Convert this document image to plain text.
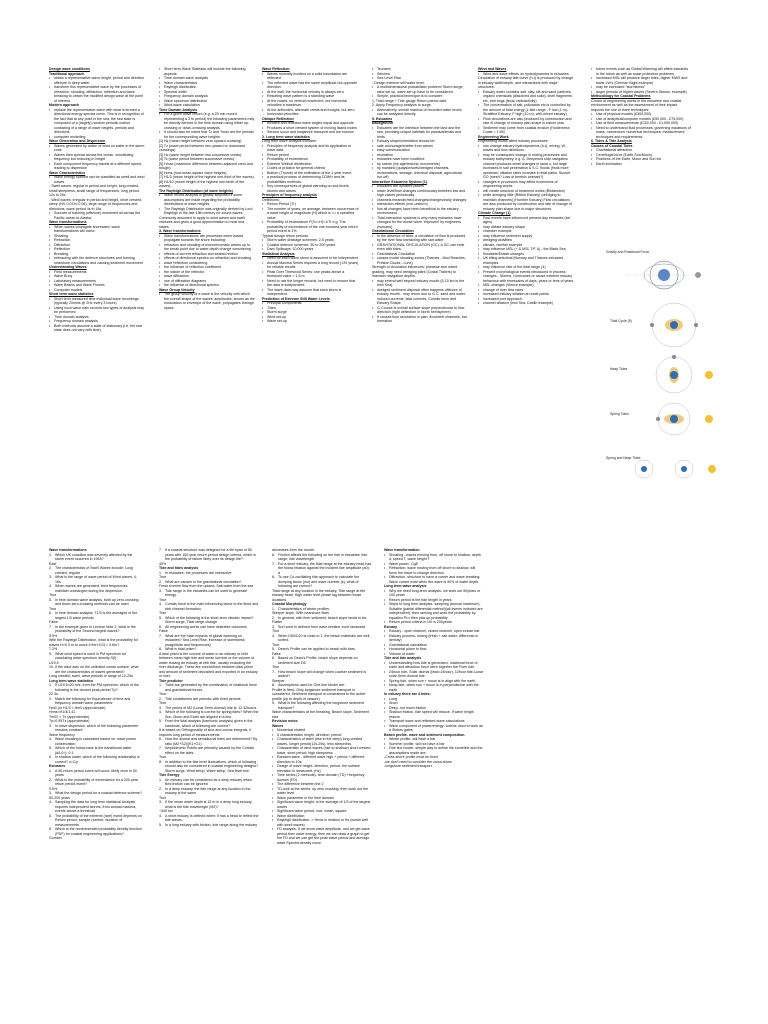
Design wave conditions
Traditional approach
• obtain a representative wave height, period and direction offshore in deep water.
• transform this representative wave by the processes of refraction, shoaling, diffraction, reflection and wave breaking to obtain the modified design wave at the point of interest.
Modern approach
• replace the representative wave with what is termed a directional energy spectra curve. This is in recognition of the fact that at any point in the sea, the sea state is composed of a (largely) random periodic motion consisting of a range of wave heights, periods and directions.
• computer modelling
Wave Generation and Dispersion
• Waves generated by action of wind on water in the storm zone
• Waves then spread across the ocean, constituting frequency but reducing in height
• Each component frequency travels at a different speed, leading to dispersion
Wave Characteristics
• Wave energy spectra can be classified as swell and wind waves.
- Swell waves: regular in period and height, long crested, small steepness, small range of frequencies, long period 12s to 25s
- Wind waves: irregular in period and height, short crested, steep (H/L 0.03 to 0.06), large range of frequencies and directions, wave period 4s to 16s
• Sources of tracking (offshore) monitored all across the Pacific ocean to Alaska.
Wave transformations
• When waves propagate shoreward, wave transformations will occur:
• Shoaling
• Refraction
• Diffraction
• Reflection
• Breaking
• Interacting with the defence structures and forming nearshore circulations and causing sediment movement
Understanding Waves
• Field measurements
• Wave Buoy
• Laboratory measurements
• Wave Basins and Wave Flumes
• Computer models
Short term wave statistics
• Short term measured time individual wave recordings (typically 20mins @ 2Hz every 3 hours)
• Using such wave train records two types of analysis may be performed:
• Time domain analysis
• Frequency domain analysis
• Both methods assume a state of stationary (i.e. the sea state does not vary with time).
• Short term Wave Statistics will include the following aspects:
• Time domain wave analysis
• Wave characteristics
• Rayleigh distribution
• Spectral width
• Frequency domain analysis
• Wave spectrum distribution
• Wind-wave calculation
Time Domain Analysis
• For a given wave record (e.g. a 20 min record representing a 3 hr period) the following parameters may be directly derived in the time domain using either up-crossing or down-crossing analysis.
• It should also be noted that Tz and Tmax are the periods for the corresponding wave heights
[1] Hz (mean height between zero upward crossing).
[2] Tz (wave period between two upward or downward crossings).
[3] Hc (wave height between two successive crests).
[4] Tc (wave period between successive crests).
[5] Hmax (maximum difference between adjacent crest and trough).
[6] Hrms (root-mean-square wave heights).
[7] H1/3 (mean height of the highest one-third of the waves).
[8] H1/10 (mean height of the highest one-tenth of the waves).
The Rayleigh Distribution (of wave heights)
• Wave record analysis is greatly simplified if some assumptions are made regarding the probability distributions of wave heights.
• The Rayleigh Distribution was originally derived by Lord Rayleigh in the late 19th century for sound waves.
Commonly assumed to apply to wind waves and swell mixtures and gives a good approximation to most sea states.
3. Wave transformations
• Wave transformations are processes when waves propagate towards the shore including:
• refraction and shoaling of monochromatic waves up to the break point due to water depth change considering
• effects of current refraction and seabed friction
• effects of directional spectra on refraction and shoaling
• wave reflection considering
• the influence of reflection coefficient
• the nature of the reflector
• wave diffraction
• use of diffraction diagrams
• the influence of directional spectra.
Wave Group Velocity
• The group velocity of a wave is the velocity with which the overall shape of the waves' amplitudes, known as the modulation or envelope of the wave, propagates through space.
Wave Reflection
• Waves normally incident on a solid boundaries are reflected
• The reflected wave has the same amplitude but opposite direction
• At the wall, the horizontal velocity is always zero
• Resulting wave pattern is a standing wave
• At the nodes, no vertical movement, but horizontal velocities a maximum
• At the antinodes, alternate crests and troughs, but zero horizontal velocities
Oblique Reflection
• Incident and reflected wave angles equal and opposite
• Produces a short crested system of moving island nodes
• Serious scour and longshore transport and toe erosion
2. Long term wave statistics
Long term wave analysis includes:
• Principles of frequency analysis and its application to wave data
• Return period
• Probability of exceedence
• Extreme Weibull distribution
• Codes of practice for general criteria
• Bottom (Thumb) of the estimation of the 1-year event.
• a practical process of determining CDWH and its probabilities methods.
• Key consequences of global warming on sea levels, storms and waves
Principles of frequency analysis
Definitions:
• Return Period (Tr)
• The number of years, on average, between occurrence of a wave height of magnitude (H) which is >= a specified value
• Probability of exceedance P(X>=H)=1/Tr e.g. The probability of exceedance of the one-hundred-year return period event is 1%
Typical design return periods:
• Storm water drainage schemes: 2-5 years
• Coastal defence schemes: 50 to 200 years
• Dam Spillways: 10,000 years
Statistical Analysis
• Need for each wave storm is assumed to be independent
• Annual Maxima Series requires a long record (>20 years) for reliable results
• Peak Over Threshold Series: use peaks above a threshold value > 1.5 m
• Need to use the longer records, but need to ensure that the data is independent.
• The wave data may assume that each storm is independent.
Prediction of Extreme Still Water Levels
• Principal components:
• Tides
• Storm surge
• Wind set-up
• Wave set-up
• Tsunami
• Seiches
• Sea Level Rise
- Design extreme still water level.
• A multidimensional probabilistic problem! Storm surge, wind set up, wave set up have to be considered.
• Simple, practical technique is to consider:
1. Tidal range + Tide gauge Return period data
2. Apply Frequency analysis to surge.
• Alternatively, overall maxima of recorded water levels can be analysed directly.
5. Estuaries
Background
• Estuaries are the interface between the land and the sea, providing unique habitats for plants/animals and birds.
• Estuary shape/orientation should be:
• safe anchorage/shelter from waves
• easy communication
• recreation
• estuaries have been modified:
• by nature (ice age/tectonic movements)
• by mankind (quays/wharfs/dredged channels, reclamations, sewage, chemical disposal, agricultural run-off)
Interaction Estuarine System (1)
• Estuaries are dynamic places
• water level/flow changes continuously between low and high values periodically
• channels meander/bed-changes/changes/early changes
• interaction effects (non-uniform)
• Not all changes have been beneficial to the estuary environment.
• Tidal interaction systems is why many estuaries have changed for the worse when 'improved' by engineers (humans).
Gravitational Circulation
• In the absence of tides, a circulation of flow is produced by the river flow interacting with salt water
• GRAVITATIONAL CIRCULATION (GC). A GC can exist even with tides.
• Gravitational Circulation
• causes model shoaling zones (Thames - Mud Reaches, Preston Docks - Lune)
Strength of circulation influences: pheasae and mixed grading, may need dredging plant (Costal Trailers) to maintain navigation depths.
• may extend well beyond estuary mouth (5-15 km in the Irish Sea).
• dredged sediment disposal often happens offshore of estuary mouth - may return due to G.C. sand and water induced currents, tidal currents, Coriolis force and Estuary Shape.
• G-Course is overall surface slope perpendicular to flow direction (right deflection in North hemisphere)
• It causes flow circulation in plan, flood/ebb channels, bar formation
Wind and Waves
• Wind and wave effects on hydrodynamics in estuaries
Circulation of estuary tide curve (h-t) is produced by change in estuary width/depth, and interactions with major structures.
• Estuary water contains salt, clay, silt and sand particles, organic chemicals (dissolved and solid), shell fragments etc, and bugs (fecal, radioactivity)
• The concentration of salt, pollutants etc is controlled by the amount of tidal energy (L tide range - F low (1 m), Stratified Estuary; F high (10 m), well-mixed estuary)
• Flow circulations are also produced by construction and rate of change of estuary plan shape in nature plan.
• Sediment may come from coastal erosion (Holderness Coast > 1 Mt)
Engineering Work
Engineering works affect estuary processes:
• can change estuary hydrodynamics (h-t), mixing, W-waves and flow directions
• may be consequent change in mixing processes and estuary bathymetry, e.g. A. Deepened ship navigation channel produces small changes in sand u, but large increases in salt penetration & S.C. floods (finds more upstream, siltation rates increase in tidal parks. Sunset GO (mesh? Loss of benthic animals?)
• changes in processes may affect economics of engineering works:
• will create structure of treatment works (Birdanston)
• while dredging little (Ribble Estuary) (dredging to maintain channels) (Humber Estuary) Flow circulations are also produced by construction and rate of change of estuary plan shape due to major structures.
Climate Change (1)
• Past events have influenced present-day estuaries (ice ages)
• may dictate estuary shape
• chamber example
• may influence sediment supply
• dredging activities
• climate, rise/fall example
• may influence MSL (+ & MSL T/F &) - the Black Sea
• floodable/Estatic changes
• UK tilting anticlinal (Norway and Thames estuaries examples
• may influence rate of the tidal range (4)
• Present morphological events introduced in process changes - Storms, Hurricanes or cause extreme estuary behaviour with timescales of days, years or tens of years
• MSL changes (Venice example)
• change of river flow rates
• increased estuary siltation at nodal points
• increased port approach
• channel siltation (Irish Sea, Dublin example)
• future events such as Global Warming will affect estuaries in the future as well as coast protection problems
• increased MSL will produce larger tides, higher MWS and lower LW's (German Bight example)
• may be increased "storminess"
• larger periods of higher waves (Severn Stones, example)
Methodology for Coastal Problems
Choice of engineering works in the estuarine and coastal environment as well as the assessment of their impact requires the use of three techniques:
• Use of physical models (£300,000)
• Use of analytical/computer models (£50,000 - £75,000)
• Use of field measurements (£100,000 - £1,000,000)
• Need to understand fluid processes; governing equations of mass, momentum; numerical techniques; measurement techniques and requirements.
6. Tides & Tide Analysis
Causes of Coastal Tides
• Gravitational attraction
• Centrifugal force (Earth-Sun/Moon)
• Positions of the Earth, Moon and Sun etc
• Earth inclination
Gravity and Rotational Force
Tidal Cycle (5)
Neap Tides
Spring Tides
Spring and Neap Tides
Wave transformations
1. Which UK coastline was severely affected by the storm event occurred in 1953?
East
2. The characteristics of Swell Waves include: Long crested, regular
3. What is the range of wave period of Wind waves: 4-16s
4. When waves are generated, their frequencies maintain unchanged during the dispersion.
True
5. In time domain wave analysis, both up zero-crossing and down zero-crossing methods can be used.
True
6. In time domain analysis, T1/3 is the averaged of the largest 1/3 wave periods
False
7. In the example given in Lecture Note 2, what is the probability of the Second largest waves?
5.5%
With the Rayleigh Distribution, what is the probability for waves H>0.3 m to occur if the H1/3 = 0.6m?
7.2%
9. What wind speed is used in PM spectrum for calculating wave spectrum density S(f)
U19.5
10. If the wind acts on the unlimited ocean surface, what are the characteristics of waves generated?
Long crested, swell, wave periods in range of 12-25s
Long term wave statistics
1. If U19.5=20 m/s, from the PM spectrum, which of the following is the closest peak period Tp?
22.3s
2. Match the following for Equivalence of time and frequency domain wave parameters:
Hm0 (or H1/3 = Hm0 (approximate)
Hrms=H1/3/1.41
Tm02 = Tz (approximate)
Tp=0.95Tz (approximate)
3. In wave dispersion, which of the following parameter remains constant:
Wave frequency
4. Wave shoaling is calculated based on: wave power conservation
5. Which of the follow case is the transitional water (d/L0=): 0.1
6. In shallow water, which of the following relationship is correct? c=Cg
Estuaries
1. A 50-return period event will occur: likely once in 50 years
2. What is the probability of exceedance for a 200-year return period event?
0.5%
3. What the design period for a coastal defence scheme?
50-200 years
4. Sampling the data for long term statistical Analysis requires independent storms, from annual maxima, events above a threshold
5. The probability of the extreme (rare) event depends on Return period, sample number, duration of measurements.
6. Which is the recommended probability density function (PDF) for coastal engineering applications?
Gumbel
7. If a coastal structure was designed for a life span of 50 years with 100-year return period design criteria, which is the probability of failure likely over its design life?
40%
Tide and tides analysis
1. In estuaries, the processes are interactive
True
2. What are causes to the gravitational circulation?
Fresh riverine flow from the upland, Salt water from the sea
3. Tide range in the estuaries can be used to generate energy.
True
4. Coriolis force is the main influencing factor to the flood and ebb channel formation.
True
5. Which of the following is the short-term climatic impact? Storm surge, Tidal range change
6. All engineering works can have desirable outcomes
False
7. What are the main impacts of global warming on estuaries? Sea Level Rise, increase of storminess (magnitude and frequencies)
8. What is tidal prism?
A tidal prism is the volume of water in an estuary or inlet between mean high tide and mean low tide or the volume of water leaving an estuary at ebb tide, usually excluding the river discharge. These are connections between tidal prism and amount of sediment deposited and exported in an estuary or inlet.
Tide predictor
1. Tides are generated by the combination of rotational force and gravitational forces.
True
2. Tide constituents are periodic with fixed periods
True
3. The period of M2 (Lunar Semi-diurnal) tide is: 12.42hours
4. Which of the following is correct for spring tides? When the Sun, Moon and Earth are aligned in a line
5. From the tidal analysis (harmonic analysis) given in the handouts, which of following are correct?
It is based on Orthogonality of sine and cosine integrals, it requires long period of measurements
6. How the diurnal and semidiurnal tides are determined? By ratio (M2+S2)/(K1+O1)
7. Amphidromic Points are primarily caused by the Coriolis effect on the tides.
True
8. In addition to the tide level fluctuations, which of following should also be considered in coastal engineering designs? Storm surge, Wind setup, Wave setup, Sea level rise
Tide Energy
1. An estuary can be considered as a deep estuary when Bed friction can be ignored
2. In a deep estuary, the tide range at any location in the estuary is the same.
True
3. If the mean water depth is 15 m in a deep long estuary, what is the tide wavelength (M2)?
~540 km
4. A short estuary is defined when: It has a head to reflect the tide waves.
5. In a long estuary with friction, tide range along the estuary
decreases from the mouth.
6. Friction affects the following on the tide in estuaries: tide range, tide wavelength
7. For a short estuary, the tidal range at the estuary head has the follow relation against the incident tide amplitude (a0): a
8. To use Co-oscillating tide approach to calculate the dumping factor (mu) and wave number (k), what of following are correct?
Tidal range at any location in the estuary, Tide range at the estuary head, High water level phase lag between those locations
Coastal Morphology
1. Characteristics of winter profiles:
Steeper slope, With nearshore Bars
2. In general, with finer sediment, beach slope tends to be:
Flatter
3. Surf zone is defined from wave breaker zone landward.
True
4. When D60/D10 is close to 1, the beach materials are well-sorted.
True
5. Dean's Profile can be applied to beach with bars.
False
6. Based on Dean's Profile, beach slope depends on sediment size D5
True
7. How beach slope will change when coarser sediment is added?
Steeper
8. Assumptions used for One-line Model are:
Profile is fixed, Only longshore sediment transport is considered, Sediment transport is constrained to the active profile (up to depth of closure)
9. What is the following affecting the longshore sediment transport?
Wave characteristics at the breaking, Beach slope, Sediment size
Revision notes
Waves
• Numerical related
• 5 characteristics height, direction, period
• Characteristics of swell (rise in the deep) long crested waves, longer period(12s-25s), less steepness.
• Characteristic of wind waves (rise to shallow) short crested wave, short period, high steepness.
• Random wave - different wave high + period + different direction to 10s.
• Design of wave height, direction, period- the surface elevation is measured. (Hz)
• Time series (2 methods)- time domain (TD) +frequency domain (FD)
• The difference between the 2
• TD-look at the series, up zero crossing, then work out the water level.
• Wave parameter in the time domain
• Significant wave height- is the average of 1/3 of the largest waves
• Significant wave period- root, mean, square.
• Wave distribution
• Rayleigh distribution -> Hrms in relation to Hs (works well with swell waves)
• FD analysis- If we know wave amplitude, and we get wave period then wave energy, then we can draw a graph to get the FD and we can get the peak wave period and average wave Spectra density curve
Wave transformation
• Shoaling - waves moving from, off shore to shallow, depth d, speed T, wave height T
• Wave power- CgE
• Refraction: wave moving from off shore to shallow, will force the wave to change direction
• Diffraction- structure to have a corner and wave breaking. Wave corner exist when the wave is 90% of water depth.
Long term wave analysis
• Why we need long-term analysis- we work out 50years or 100 years
• Return period is the tide length in years
• Steps to long term analysis- sampling (annual maximum), Suitable (partial differential method)(all events included are independent), then ranking and work the probability by equation Pi=i then pick up probability
• Return period criteria in UK is 200years.
Estuary
• Estuary - open channel, closed channel, open eclose bar.
• Estuary process- mixing (fresh + salt water, difference in density)
• Gravitational calculation
• Horizontal plane to flow
• Volume of water
Tide and tide analysis
• Understanding how tide is generated- rotational force of earth and attraction force were together the Form tide.
• 24hour tide- Solar diurnal (lead=24hour), 12hour tide-Lunar solar Semi-diurnal tide
• Spring tide- when sun + moon is in align with the earth
• Neap tide- when sun + moon is in perpendicular with the earth
In estuary there are 4 tides:
• Long
• Short
• Deep- not much friction
• Shallow friction, tide speed will reduce. If wave length reduce
• Transport wave and reflected wave calculations
• Wave component of power/energy- turbine used to work as a Stokes gates
Beach profile- wave and sediment composition.
• Winter profile- will have a bar
• Summer profile- will not have a bar
• One line model- simple way to define the shoreline and the assumptions made are:
-Cross shore profile must be fixed
-we don't need to consider the cross-shore
-longshore sediment transport
